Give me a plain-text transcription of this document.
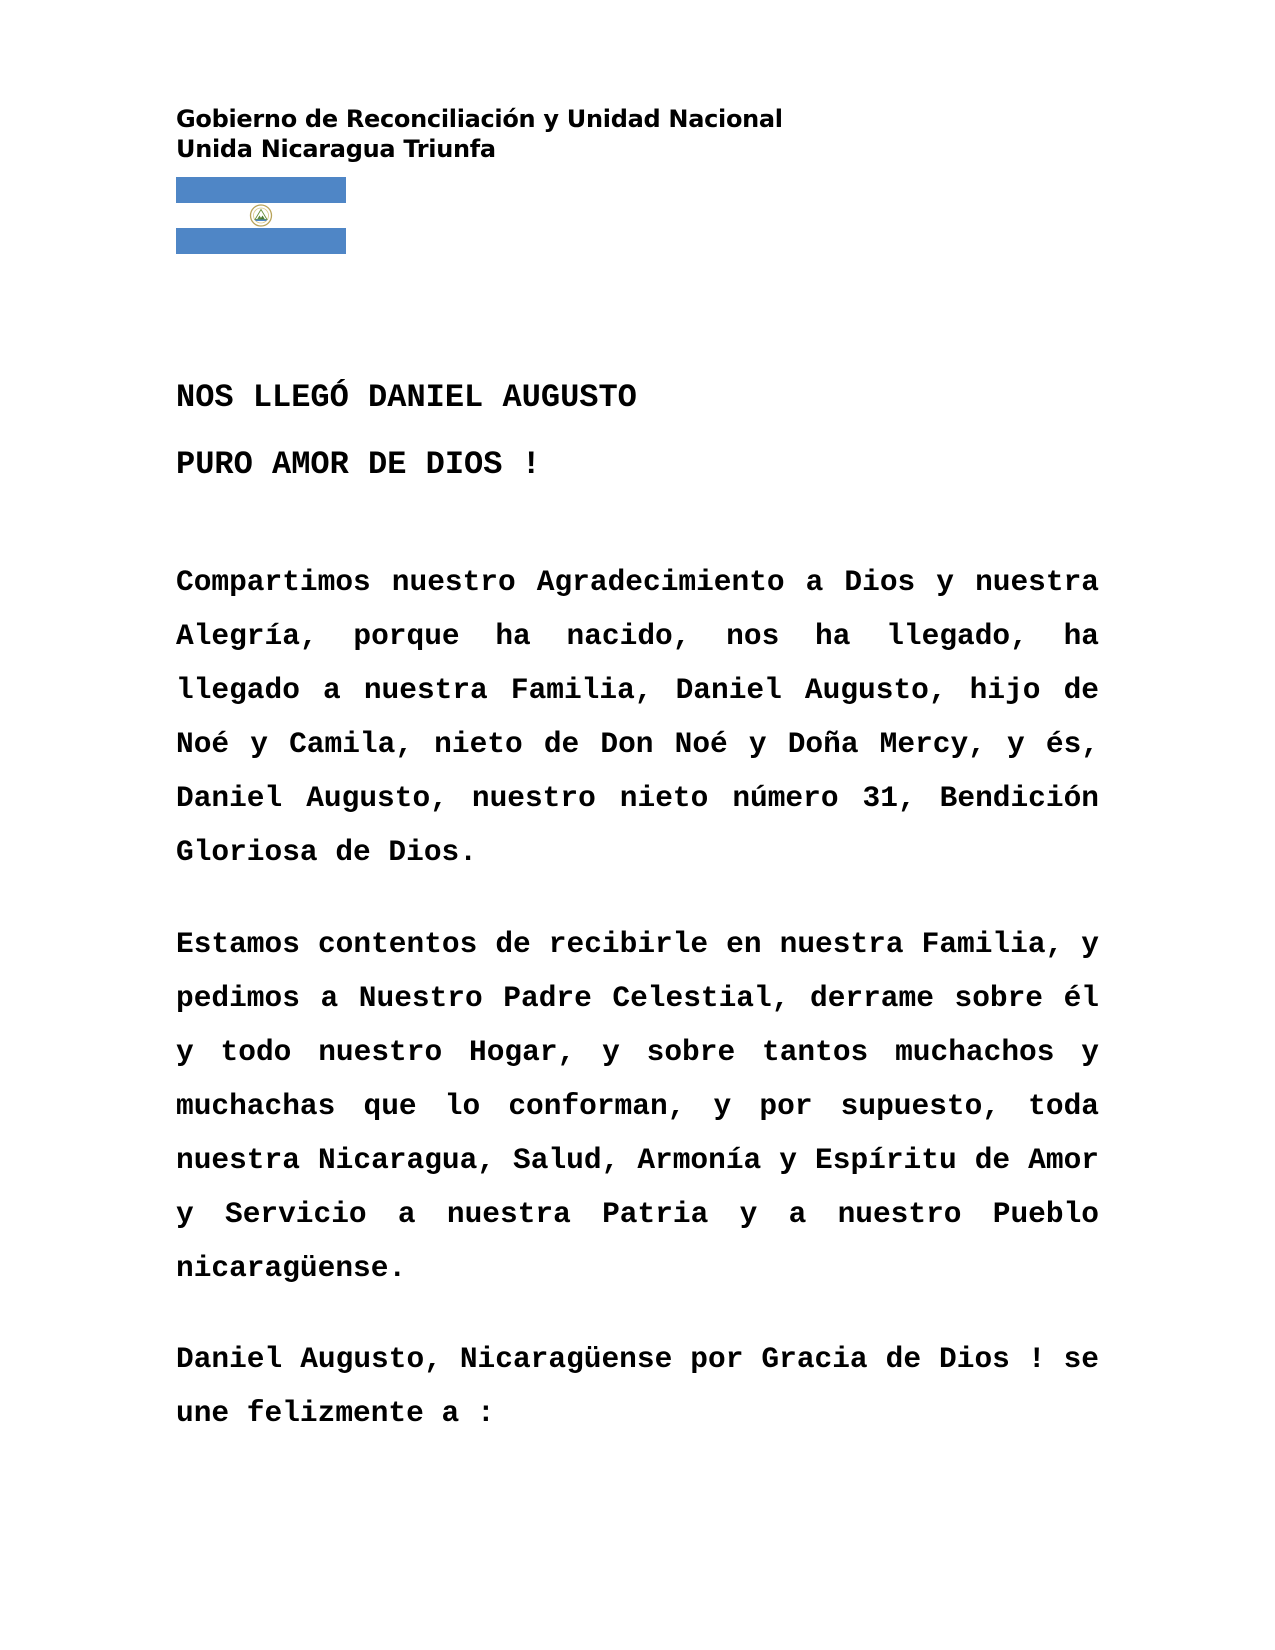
Gobierno de Reconciliación y Unidad Nacional
Unida Nicaragua Triunfa
NOS LLEGÓ DANIEL AUGUSTO
PURO AMOR DE DIOS !
Compartimos nuestro Agradecimiento a Dios y nuestra Alegría, porque ha nacido, nos ha llegado, ha llegado a nuestra Familia, Daniel Augusto, hijo de Noé y Camila, nieto de Don Noé y Doña Mercy, y és, Daniel Augusto, nuestro nieto número 31, Bendición Gloriosa de Dios.
Estamos contentos de recibirle en nuestra Familia, y pedimos a Nuestro Padre Celestial, derrame sobre él y todo nuestro Hogar, y sobre tantos muchachos y muchachas que lo conforman, y por supuesto, toda nuestra Nicaragua, Salud, Armonía y Espíritu de Amor y Servicio a nuestra Patria y a nuestro Pueblo nicaragüense.
Daniel Augusto, Nicaragüense por Gracia de Dios ! se une felizmente a :
